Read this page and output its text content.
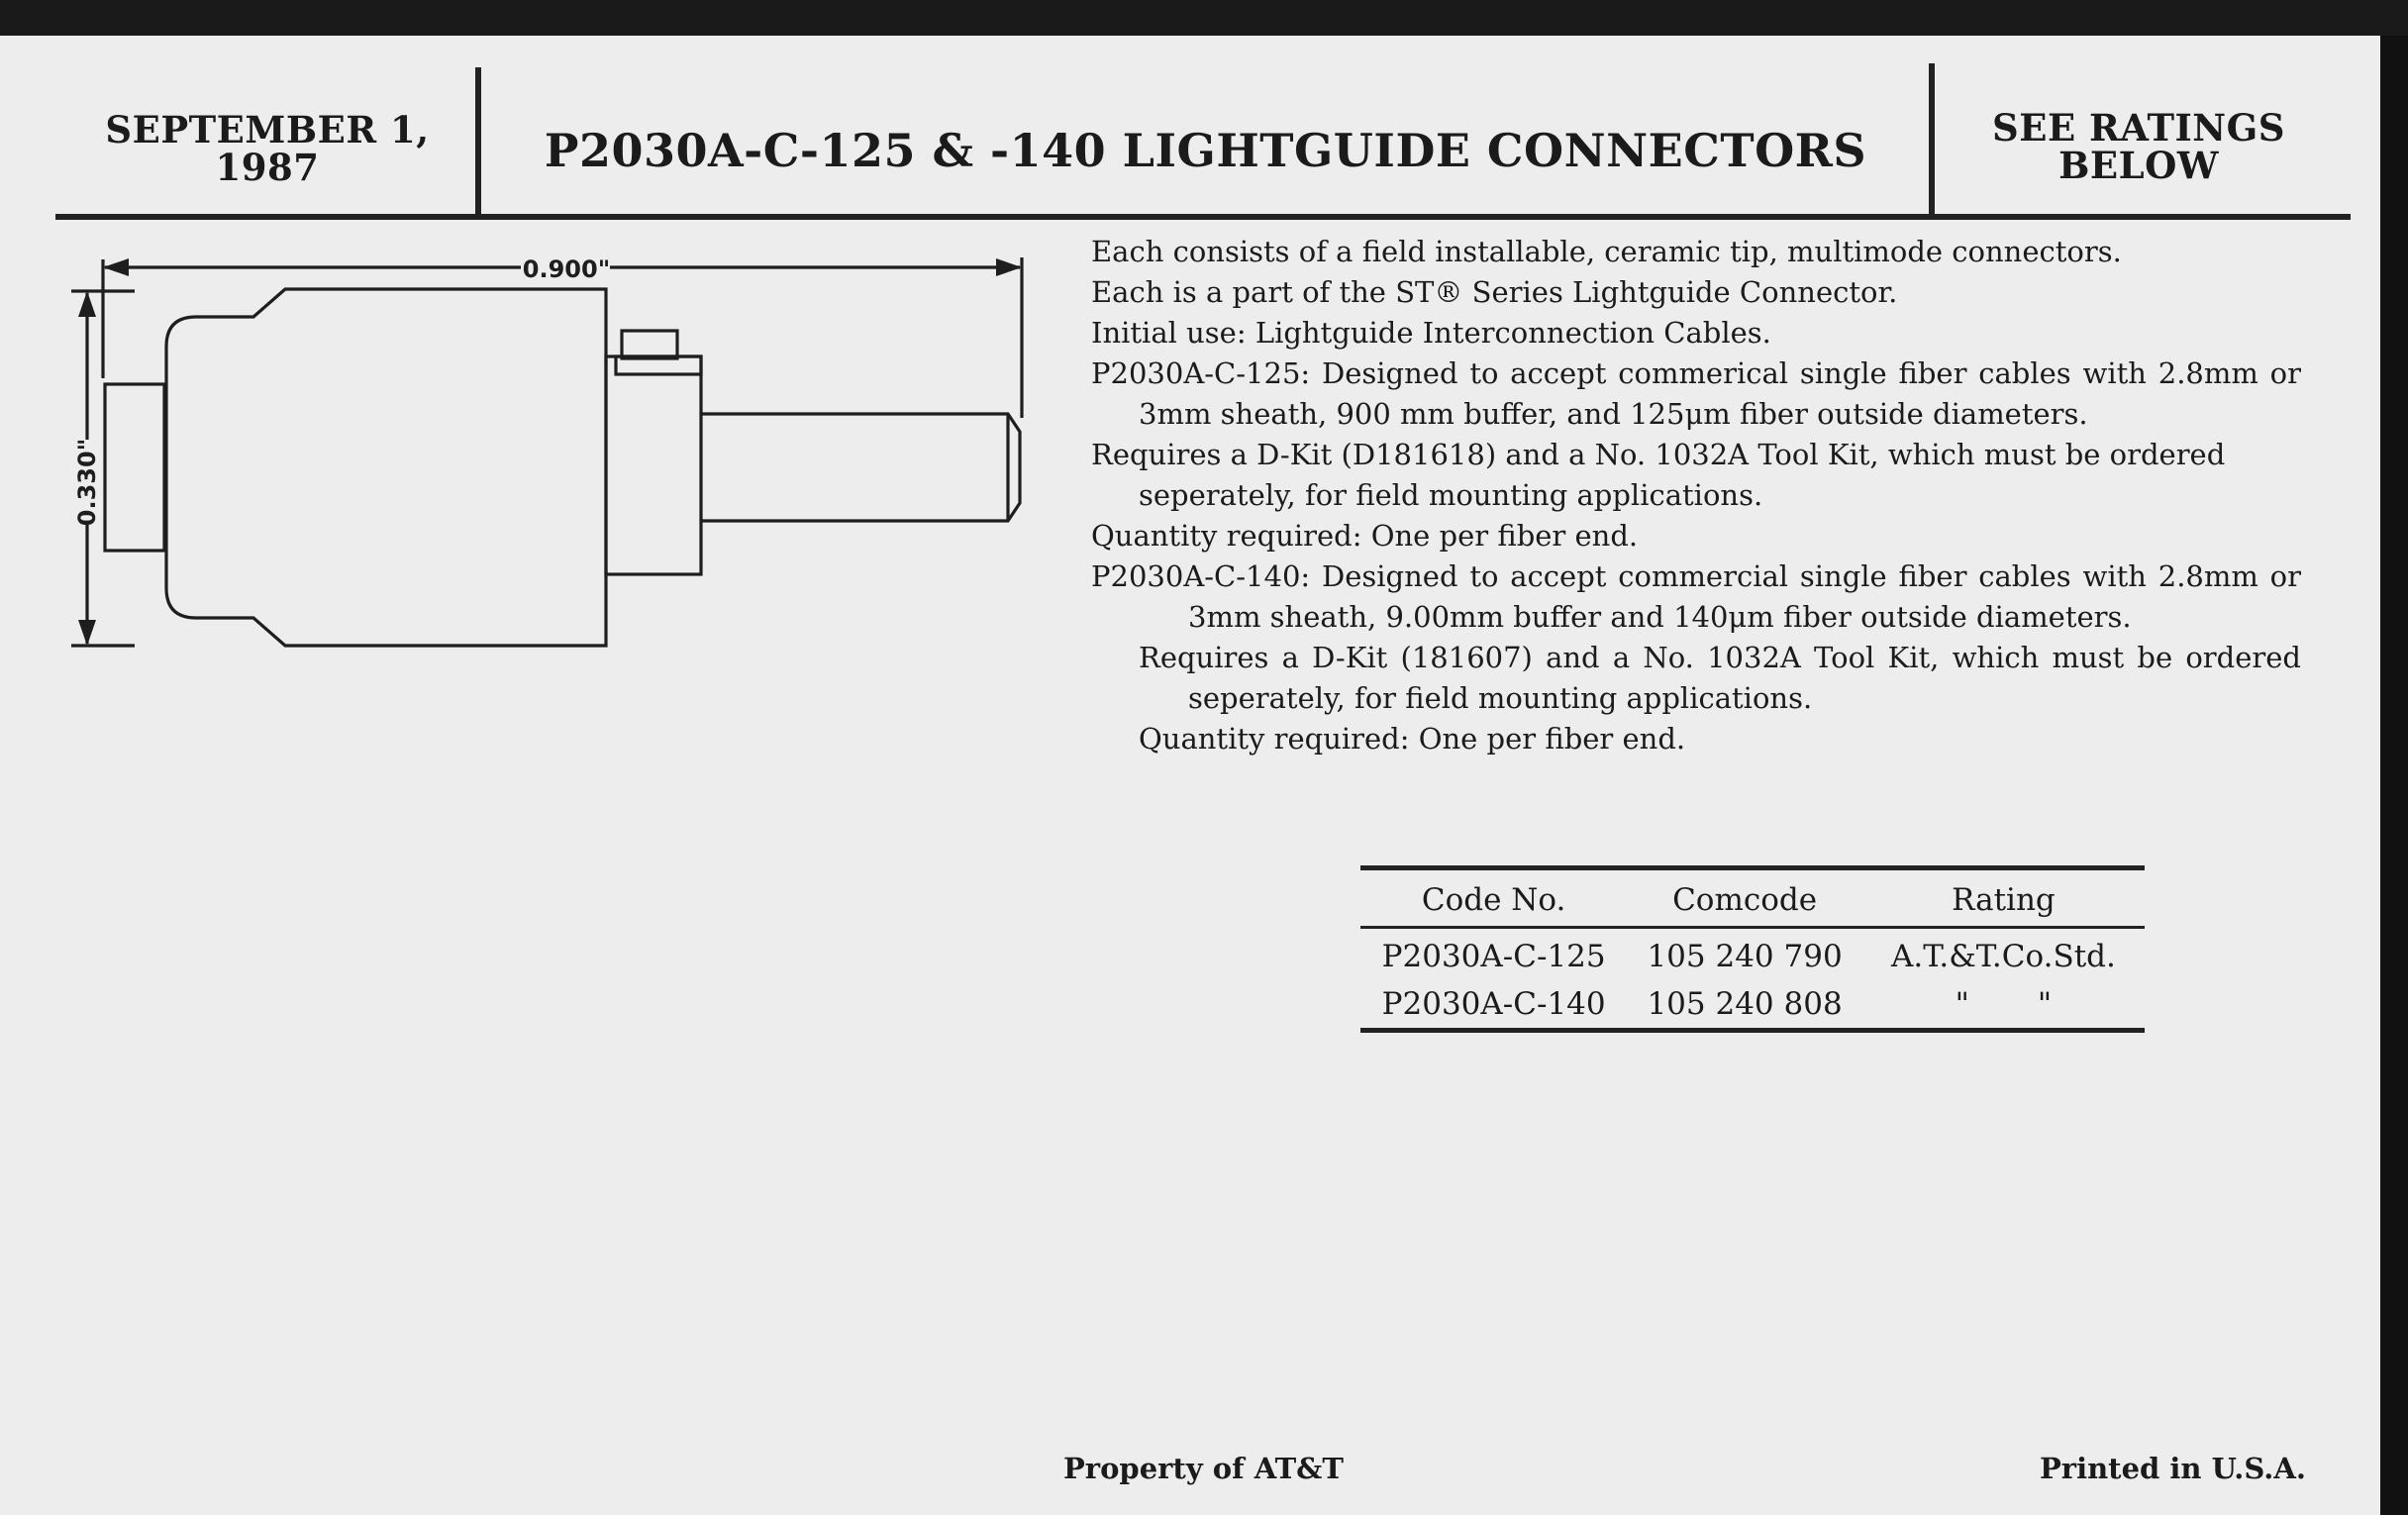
SEPTEMBER 1,
1987	P2030A-C-125 & -140 LIGHTGUIDE CONNECTORS	SEE RATINGS
BELOW
0.900"
0.330"

Each consists of a field installable, ceramic tip, multimode connectors.

Each is a part of the ST® Series Lightguide Connector.

Initial use: Lightguide Interconnection Cables.

P2030A-C-125: Designed to accept commerical single fiber cables with 2.8mm or 3mm sheath, 900 mm buffer, and 125μm fiber outside diameters.

Requires a D-Kit (D181618) and a No. 1032A Tool Kit, which must be ordered seperately, for field mounting applications.

Quantity required: One per fiber end.

P2030A-C-140: Designed to accept commercial single fiber cables with 2.8mm or 3mm sheath, 9.00mm buffer and 140μm fiber outside diameters.

Requires a D-Kit (181607) and a No. 1032A Tool Kit, which must be ordered seperately, for field mounting applications.

Quantity required: One per fiber end.

Code No.	Comcode	Rating
P2030A-C-125	105 240 790	A.T.&T.Co.Std.
P2030A-C-140	105 240 808	"       "
Property of AT&T	Printed in U.S.A.
